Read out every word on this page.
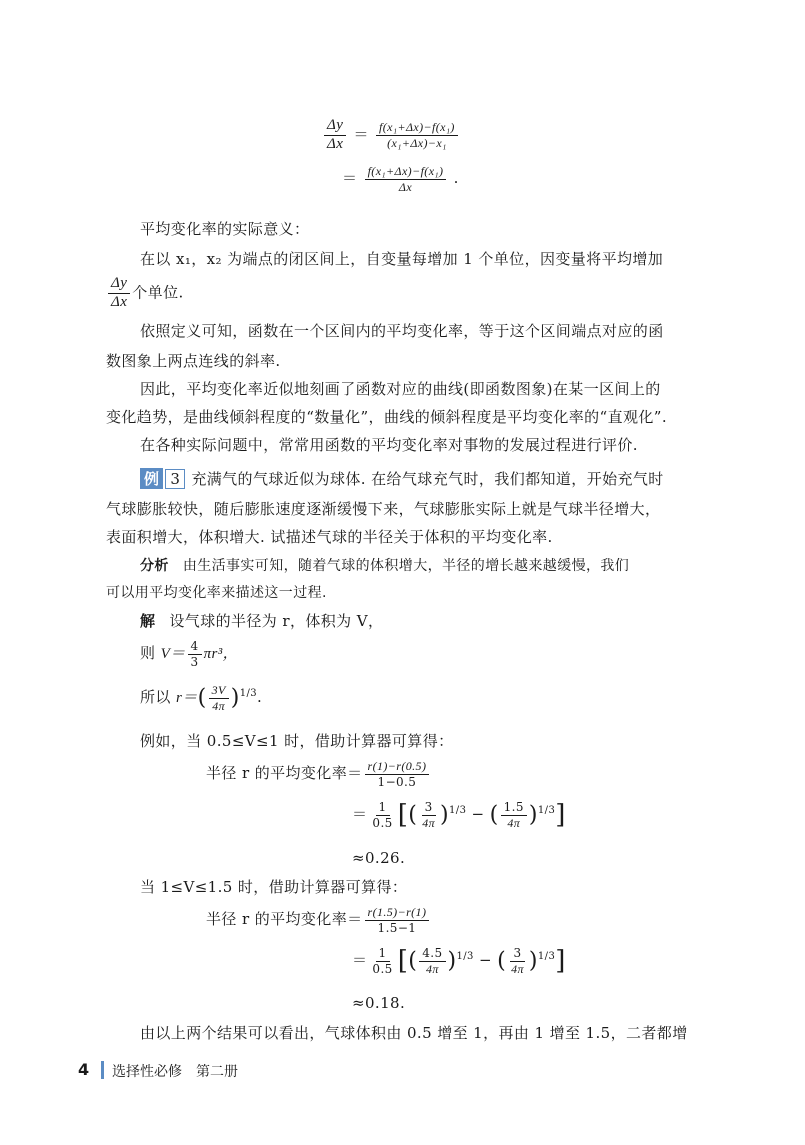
$\frac{\Delta y}{\Delta x} = \frac{\text{f(x₁+Δx)−f(x₁)}}{\text{(x₁+Δx)−x₁}}$
＝ $\frac{\text{f(x₁+Δx)−f(x₁)}}{\Delta x}$ .
平均变化率的实际意义：
在以 x₁，x₂ 为端点的闭区间上，自变量每增加 1 个单位，因变量将平均增加
$\frac{\Delta y}{\Delta x}$ 个单位.
依照定义可知，函数在一个区间内的平均变化率，等于这个区间端点对应的函
数图象上两点连线的斜率.
因此，平均变化率近似地刻画了函数对应的曲线(即函数图象)在某一区间上的
变化趋势，是曲线倾斜程度的“数量化”，曲线的倾斜程度是平均变化率的“直观化”.
在各种实际问题中，常常用函数的平均变化率对事物的发展过程进行评价.
例 3 充满气的气球近似为球体. 在给气球充气时，我们都知道，开始充气时
气球膨胀较快，随后膨胀速度逐渐缓慢下来，气球膨胀实际上就是气球半径增大，
表面积增大，体积增大. 试描述气球的半径关于体积的平均变化率.
分析 由生活事实可知，随着气球的体积增大，半径的增长越来越缓慢，我们
可以用平均变化率来描述这一过程.
解 设气球的半径为 r，体积为 V，
则 $V= \frac{4}{3} \pi r^3$，
所以 $r=( \frac{3V}{4\pi} )^{1/3}$.
例如，当 0.5≤V≤1 时，借助计算器可算得：
半径 r 的平均变化率＝ $\frac{r(1)-r(0.5)}{1-0.5}$
＝ $\frac{1}{0.5}$ [( $\frac{3}{4\pi} )^{1/3}$ − ( $\frac{1.5}{4\pi} )^{1/3}$]
≈0.26.
当 1≤V≤1.5 时，借助计算器可算得：
半径 r 的平均变化率＝ $\frac{r(1.5)-r(1)}{1.5-1}$
＝ $\frac{1}{0.5}$ [( $\frac{4.5}{4\pi} )^{1/3}$ − ( $\frac{3}{4\pi} )^{1/3}$]
≈0.18.
由以上两个结果可以看出，气球体积由 0.5 增至 1，再由 1 增至 1.5，二者都增
4 选择性必修　第二册
